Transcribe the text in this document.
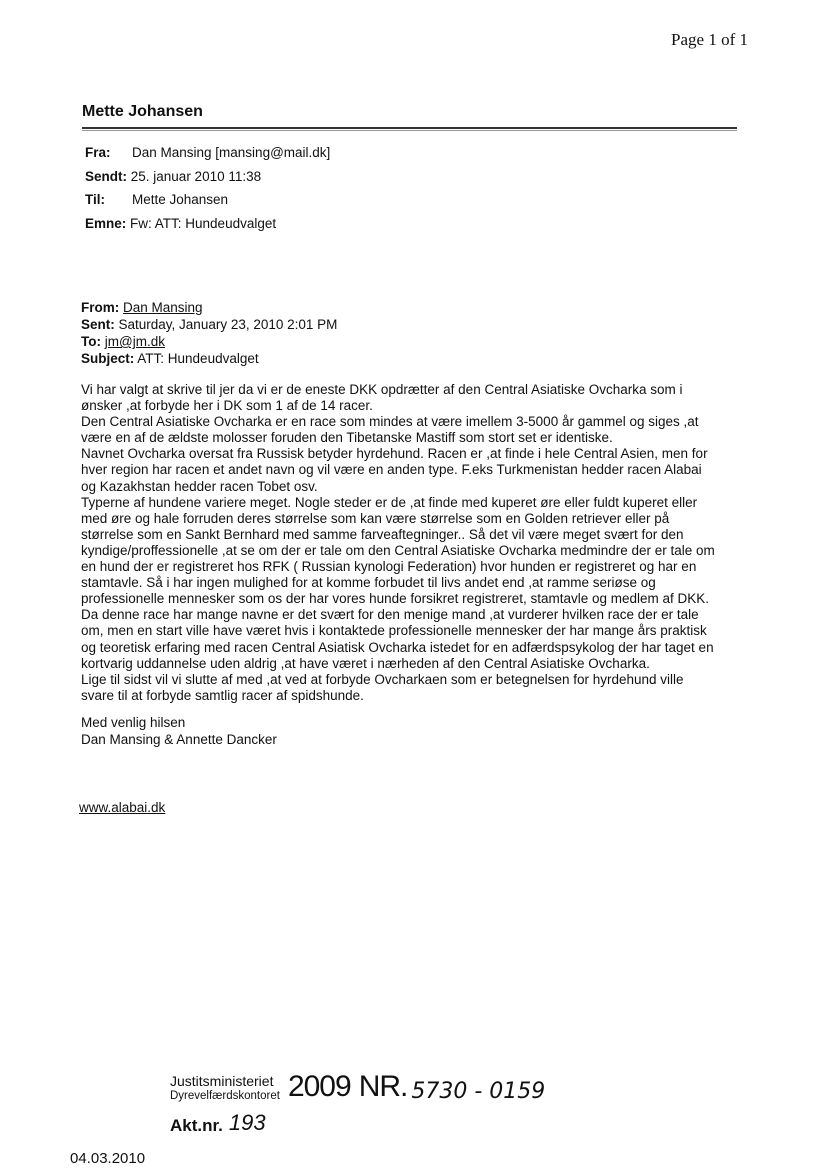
Page 1 of 1
Mette Johansen
Fra:	Dan Mansing [mansing@mail.dk]
Sendt:
25. januar 2010 11:38
Til:	Mette Johansen
Emne:
Fw: ATT: Hundeudvalget
From: Dan Mansing
Sent: Saturday, January 23, 2010 2:01 PM
To: jm@jm.dk
Subject: ATT: Hundeudvalget

Vi har valgt at skrive til jer da vi er de eneste DKK opdrætter af den Central Asiatiske Ovcharka som i

ønsker ,at forbyde her i DK som 1 af de 14 racer.

Den Central Asiatiske Ovcharka er en race som mindes at være imellem 3-5000 år gammel og siges ,at

være en af de ældste molosser foruden den Tibetanske Mastiff som stort set er identiske.

Navnet Ovcharka oversat fra Russisk betyder hyrdehund. Racen er ,at finde i hele Central Asien, men for

hver region har racen et andet navn og vil være en anden type. F.eks Turkmenistan hedder racen Alabai

og Kazakhstan hedder racen Tobet osv.

Typerne af hundene variere meget. Nogle steder er de ,at finde med kuperet øre eller fuldt kuperet eller

med øre og hale forruden deres størrelse som kan være størrelse som en Golden retriever eller på

størrelse som en Sankt Bernhard med samme farveaftegninger.. Så det vil være meget svært for den

kyndige/proffessionelle ,at se om der er tale om den Central Asiatiske Ovcharka medmindre der er tale om

en hund der er registreret hos RFK ( Russian kynologi Federation) hvor hunden er registreret og har en

stamtavle. Så i har ingen mulighed for at komme forbudet til livs andet end ,at ramme seriøse og

professionelle mennesker som os der har vores hunde forsikret registreret, stamtavle og medlem af DKK.

Da denne race har mange navne er det svært for den menige mand ,at vurderer hvilken race der er tale

om, men en start ville have været hvis i kontaktede professionelle mennesker der har mange års praktisk

og teoretisk erfaring med racen Central Asiatisk Ovcharka istedet for en adfærdspsykolog der har taget en

kortvarig uddannelse uden aldrig ,at have været i nærheden af den Central Asiatiske Ovcharka.

Lige til sidst vil vi slutte af med ,at ved at forbyde Ovcharkaen som er betegnelsen for hyrdehund ville

svare til at forbyde samtlig racer af spidshunde.

Med venlig hilsen
Dan Mansing & Annette Dancker
www.alabai.dk
Justitsministeriet
Dyrevelfærdskontoret 2009 NR. 5730 - 0159
Akt.nr. 193
04.03.2010
